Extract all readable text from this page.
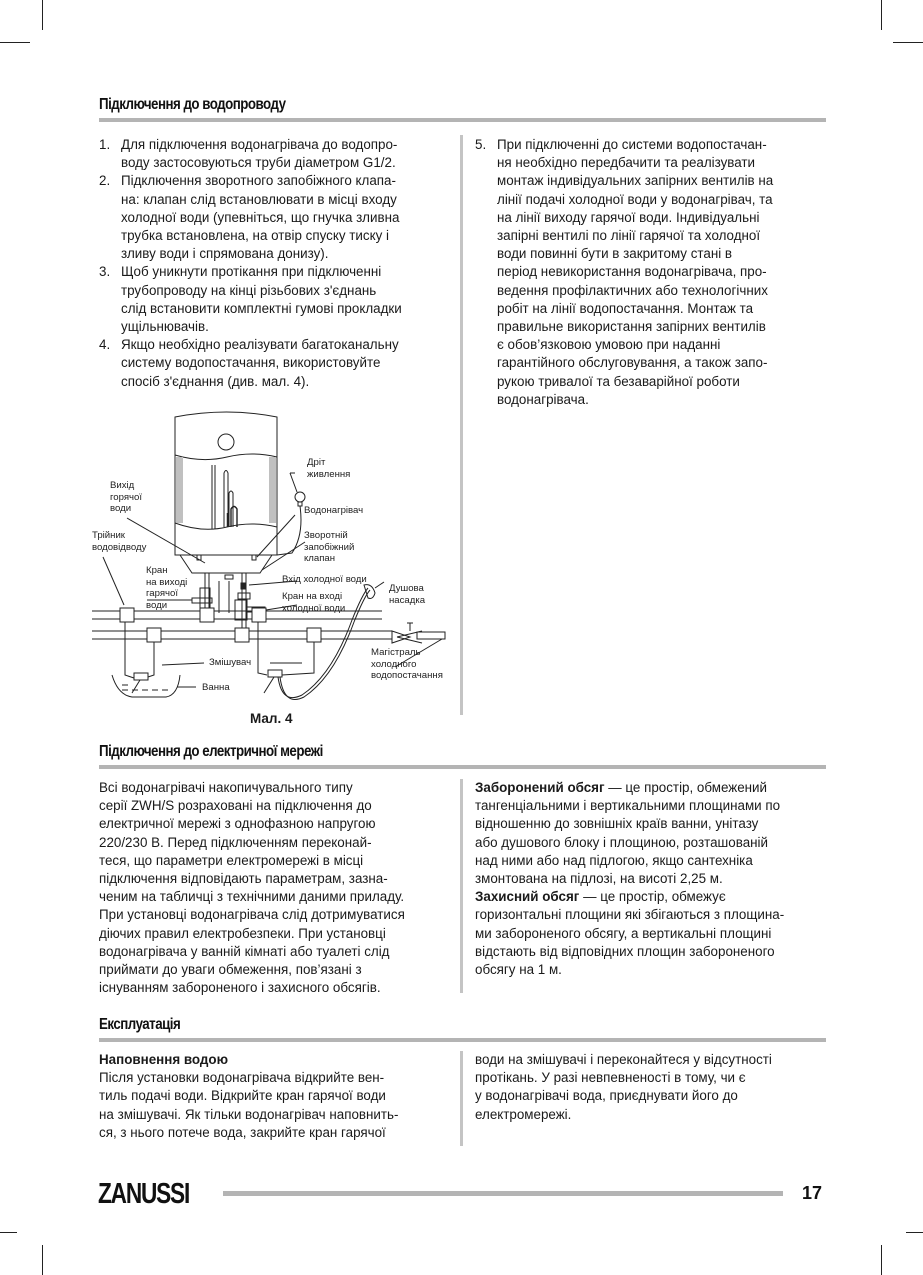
Підключення до водопроводу
1. Для підключення водонагрівача до водопро-
воду застосовуються труби діаметром G1/2.
2. Підключення зворотного запобіжного клапа-
на: клапан слід встановлювати в місці входу
холодної води (упевніться, що гнучка зливна
трубка встановлена, на отвір спуску тиску і
зливу води і спрямована донизу).
3. Щоб уникнути протікання при підключенні
трубопроводу на кінці різьбових з'єднань
слід встановити комплектні гумові прокладки
ущільнювачів.
4. Якщо необхідно реалізувати багатоканальну
систему водопостачання, використовуйте
спосіб з'єднання (див. мал. 4).
5. При підключенні до системи водопостачан-
ня необхідно передбачити та реалізувати
монтаж індивідуальних запірних вентилів на
лінії подачі холодної води у водонагрівач, та
на лінії виходу гарячої води. Індивідуальні
запірні вентилі по лінії гарячої та холодної
води повинні бути в закритому стані в
період невикористання водонагрівача, про-
ведення профілактичних або технологічних
робіт на лінії водопостачання. Монтаж та
правильне використання запірних вентилів
є обов’язковою умовою при наданні
гарантійного обслуговування, а також запо-
рукою тривалої та безаварійної роботи
водонагрівача.
Дріт
живлення
Вихід
горячої
води	Водонагрівач
Трійник
водовідводу
Зворотній
запобіжний
клапан
Кран
на виході
гарячої
води
Вхід холодної води
Кран на вході
холодної води
Душова
насадка
Змішувач
Магістраль
холодного
водопостачання
Ванна
Мал. 4
Підключення до електричної мережі
Всі водонагрівачі накопичувального типу
серії ZWH/S розраховані на підключення до
електричної мережі з однофазною напругою
220/230 В. Перед підключенням переконай-
теся, що параметри електромережі в місці
підключення відповідають параметрам, зазна-
ченим на табличці з технічними даними приладу.
При установці водонагрівача слід дотримуватися
діючих правил електробезпеки. При установці
водонагрівача у ванній кімнаті або туалеті слід
приймати до уваги обмеження, пов’язані з
існуванням забороненого і захисного обсягів.
Заборонений обсяг — це простір, обмежений
тангенціальними і вертикальними площинами по
відношенню до зовнішніх країв ванни, унітазу
або душового блоку і площиною, розташованій
над ними або над підлогою, якщо сантехніка
змонтована на підлозі, на висоті 2,25 м.
Захисний обсяг — це простір, обмежує
горизонтальні площини які збігаються з площина-
ми забороненого обсягу, а вертикальні площині
відстають від відповідних площин забороненого
обсягу на 1 м.
Експлуатація
Наповнення водою
Після установки водонагрівача відкрийте вен-
тиль подачі води. Відкрийте кран гарячої води
на змішувачі. Як тільки водонагрівач наповнить-
ся, з нього потече вода, закрийте кран гарячої
води на змішувачі і переконайтеся у відсутності
протікань. У разі невпевненості в тому, чи є
у водонагрівачі вода, приєднувати його до
електромережі.
ZANUSSI	17
